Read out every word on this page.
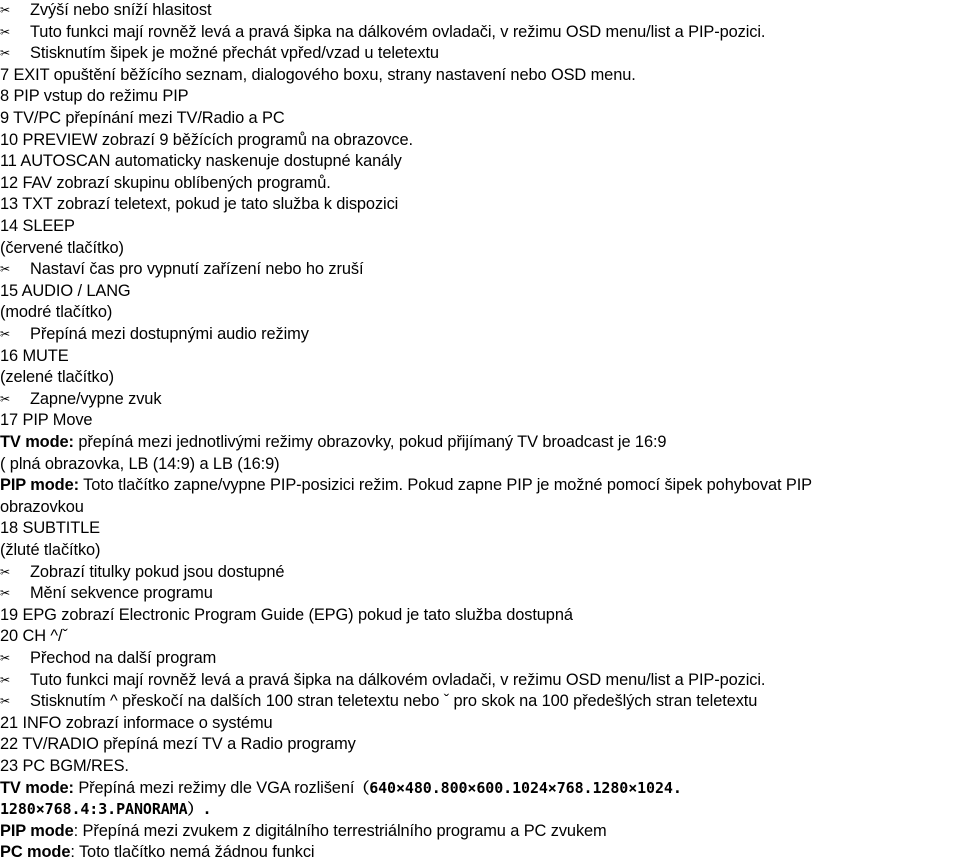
✂ Zvýší nebo sníží hlasitost
✂ Tuto funkci mají rovněž levá a pravá šipka na dálkovém ovladači, v režimu OSD menu/list a PIP-pozici.
✂ Stisknutím šipek je možné přechát vpřed/vzad u teletextu
7 EXIT opuštění běžícího seznam, dialogového boxu, strany nastavení nebo OSD menu.
8 PIP vstup do režimu PIP
9 TV/PC přepínání mezi TV/Radio a PC
10 PREVIEW zobrazí 9 běžících programů na obrazovce.
11 AUTOSCAN automaticky naskenuje dostupné kanály
12 FAV zobrazí skupinu oblíbených programů.
13 TXT zobrazí teletext, pokud je tato služba k dispozici
14 SLEEP
(červené tlačítko)
✂ Nastaví čas pro vypnutí zařízení nebo ho zruší
15 AUDIO / LANG
(modré tlačítko)
✂ Přepíná mezi dostupnými audio režimy
16 MUTE
(zelené tlačítko)
✂ Zapne/vypne zvuk
17 PIP Move
TV mode: přepíná mezi jednotlivými režimy obrazovky, pokud přijímaný TV broadcast je 16:9
( plná obrazovka, LB (14:9) a LB (16:9)
PIP mode: Toto tlačítko zapne/vypne PIP-posizici režim. Pokud zapne PIP je možné pomocí šipek pohybovat PIP
obrazovkou
18 SUBTITLE
(žluté tlačítko)
✂ Zobrazí titulky pokud jsou dostupné
✂ Mění sekvence programu
19 EPG zobrazí Electronic Program Guide (EPG) pokud je tato služba dostupná
20 CH ^/ˇ
✂ Přechod na další program
✂ Tuto funkci mají rovněž levá a pravá šipka na dálkovém ovladači, v režimu OSD menu/list a PIP-pozici.
✂ Stisknutím ^ přeskočí na dalších 100 stran teletextu nebo ˇ pro skok na 100 předešlých stran teletextu
21 INFO zobrazí informace o systému
22 TV/RADIO přepíná mezí TV a Radio programy
23 PC BGM/RES.
TV mode: Přepíná mezi režimy dle VGA rozlišení（640×480.800×600.1024×768.1280×1024.
1280×768.4:3.PANORAMA）.
PIP mode: Přepíná mezi zvukem z digitálního terrestriálního programu a PC zvukem
PC mode: Toto tlačítko nemá žádnou funkci
